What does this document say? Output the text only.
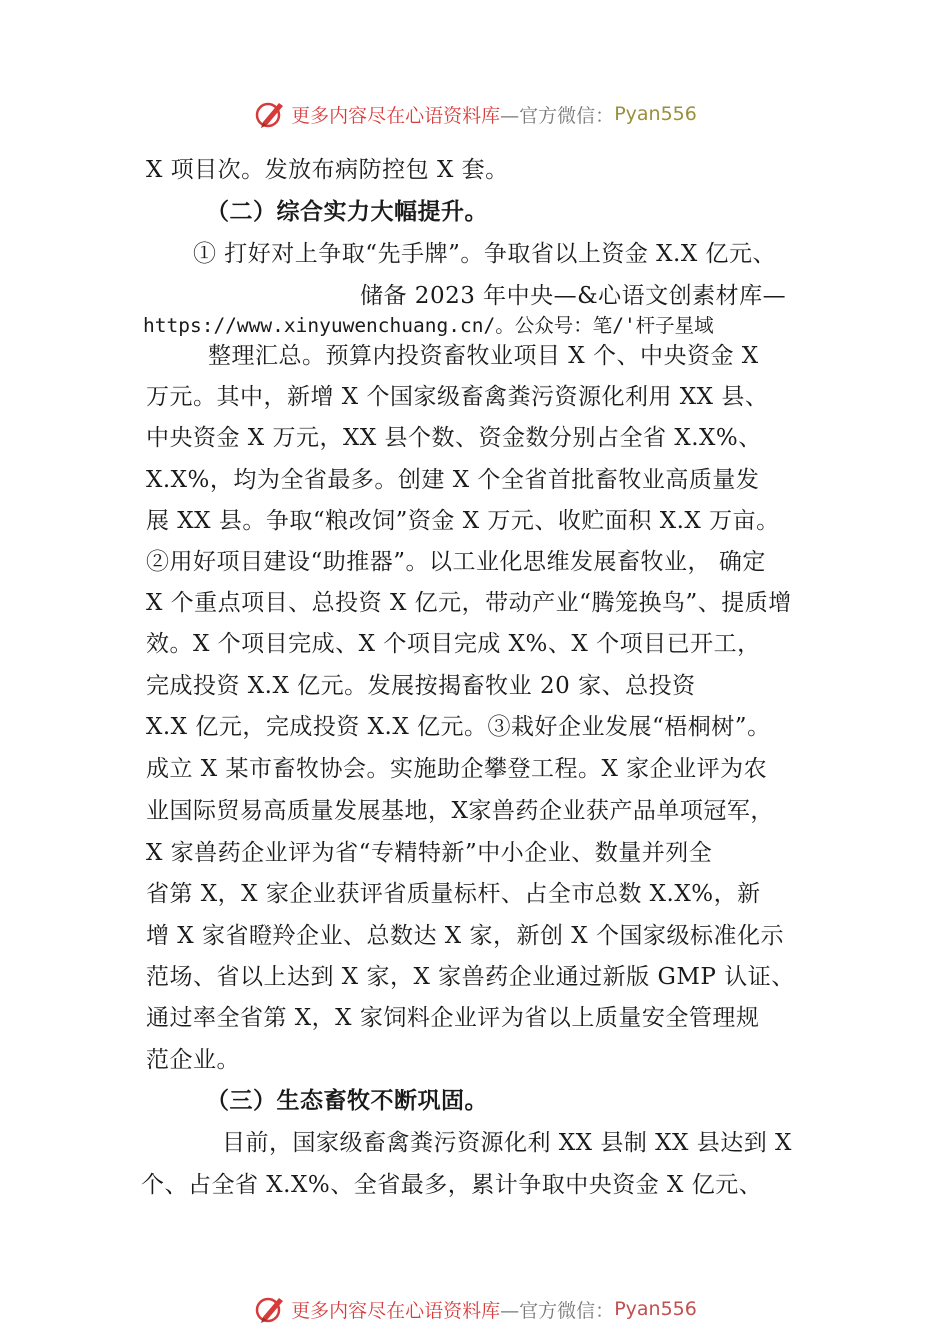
更多内容尽在心语资料库 —官方微信： Pyan556
X 项目次。发放布病防控包 X 套。
（二）综合实力大幅提升。
① 打好对上争取“先手牌”。争取省以上资金 X.X 亿元、
储备 2023 年中央—&心语文创素材库—
https://www.xinyuwenchuang.cn/。公众号：笔/'杆子星域
整理汇总。预算内投资畜牧业项目 X 个、中央资金 X
万元。其中，新增 X 个国家级畜禽粪污资源化利用 XX 县、
中央资金 X 万元，XX 县个数、资金数分别占全省 X.X%、
X.X%，均为全省最多。创建 X 个全省首批畜牧业高质量发
展 XX 县。争取“粮改饲”资金 X 万元、收贮面积 X.X 万亩。
②用好项目建设“助推器”。以工业化思维发展畜牧业， 确定
X 个重点项目、总投资 X 亿元，带动产业“腾笼换鸟”、提质增
效。X 个项目完成、X 个项目完成 X%、X 个项目已开工，
完成投资 X.X 亿元。发展按揭畜牧业 20 家、总投资
X.X 亿元，完成投资 X.X 亿元。③栽好企业发展“梧桐树”。
成立 X 某市畜牧协会。实施助企攀登工程。X 家企业评为农
业国际贸易高质量发展基地，X家兽药企业获产品单项冠军，
X 家兽药企业评为省“专精特新”中小企业、数量并列全
省第 X，X 家企业获评省质量标杆、占全市总数 X.X%，新
增 X 家省瞪羚企业、总数达 X 家，新创 X 个国家级标准化示
范场、省以上达到 X 家，X 家兽药企业通过新版 GMP 认证、
通过率全省第 X，X 家饲料企业评为省以上质量安全管理规
范企业。
（三）生态畜牧不断巩固。
目前，国家级畜禽粪污资源化利 XX 县制 XX 县达到 X
个、占全省 X.X%、全省最多，累计争取中央资金 X 亿元、
更多内容尽在心语资料库 —官方微信： Pyan556
